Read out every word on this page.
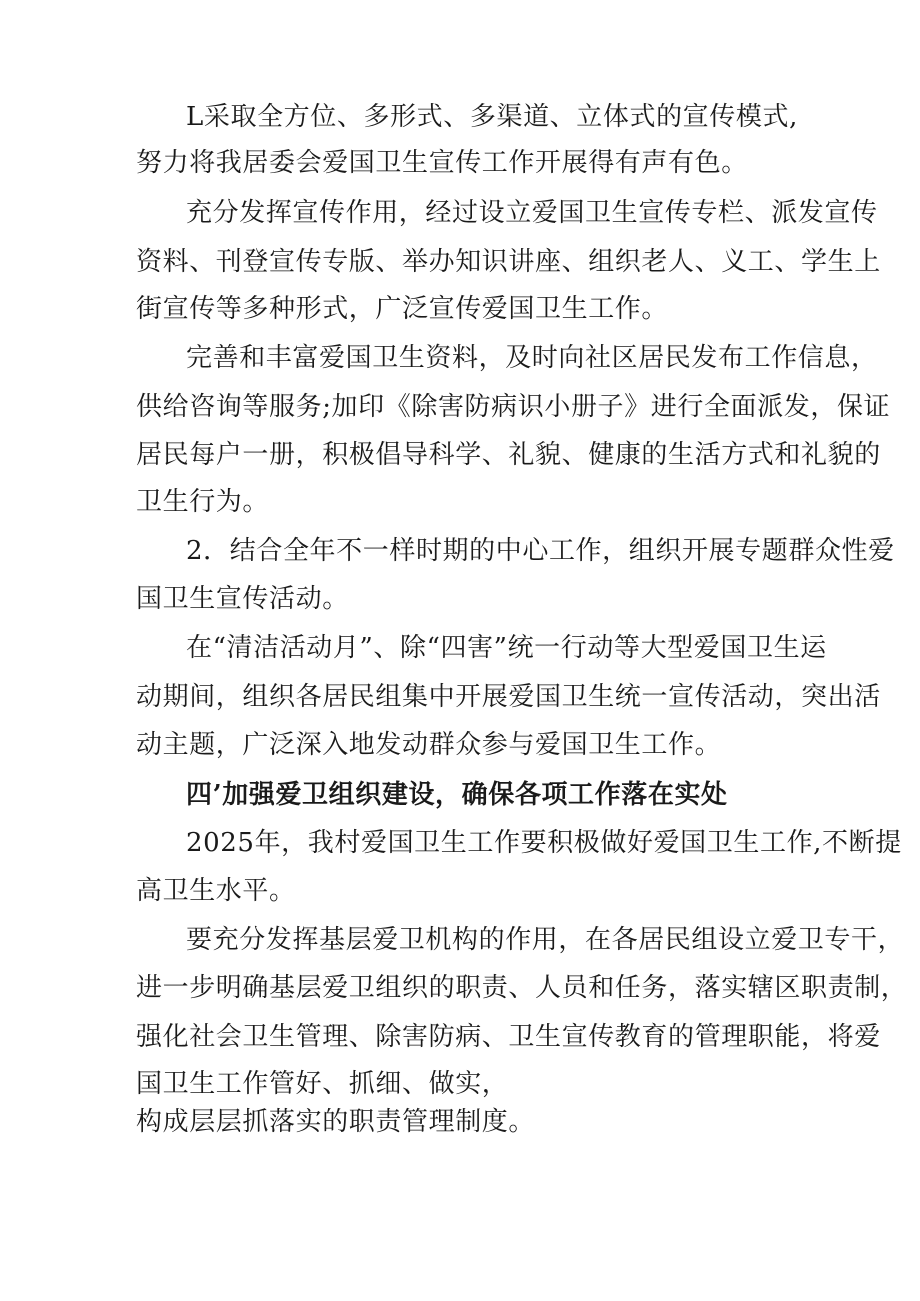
L采取全方位、多形式、多渠道、立体式的宣传模式,
努力将我居委会爱国卫生宣传工作开展得有声有色。
充分发挥宣传作用，经过设立爱国卫生宣传专栏、派发宣传
资料、刊登宣传专版、举办知识讲座、组织老人、义工、学生上
街宣传等多种形式，广泛宣传爱国卫生工作。
完善和丰富爱国卫生资料，及时向社区居民发布工作信息，
供给咨询等服务;加印《除害防病识小册子》进行全面派发，保证
居民每户一册，积极倡导科学、礼貌、健康的生活方式和礼貌的
卫生行为。
2．结合全年不一样时期的中心工作，组织开展专题群众性爱
国卫生宣传活动。
在“清洁活动月”、除“四害”统一行动等大型爱国卫生运
动期间，组织各居民组集中开展爱国卫生统一宣传活动，突出活
动主题，广泛深入地发动群众参与爱国卫生工作。
四’加强爱卫组织建设，确保各项工作落在实处
2025年，我村爱国卫生工作要积极做好爱国卫生工作,不断提
高卫生水平。
要充分发挥基层爱卫机构的作用，在各居民组设立爱卫专干，
进一步明确基层爱卫组织的职责、人员和任务，落实辖区职责制，
强化社会卫生管理、除害防病、卫生宣传教育的管理职能，将爱
国卫生工作管好、抓细、做实，
构成层层抓落实的职责管理制度。
